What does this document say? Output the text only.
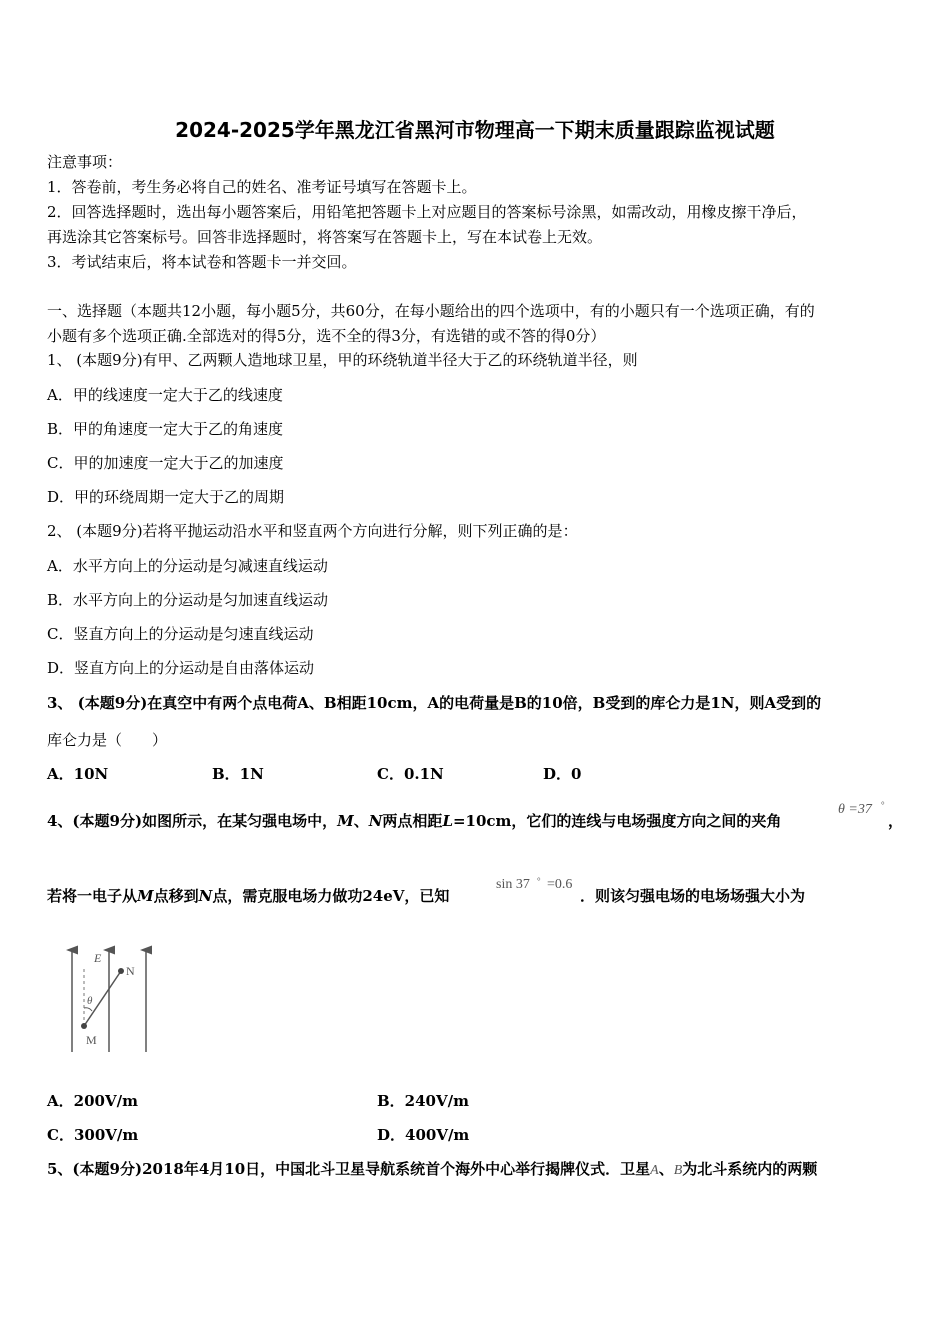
2024-2025学年黑龙江省黑河市物理高一下期末质量跟踪监视试题
注意事项：
1．答卷前，考生务必将自己的姓名、准考证号填写在答题卡上。
2．回答选择题时，选出每小题答案后，用铅笔把答题卡上对应题目的答案标号涂黑，如需改动，用橡皮擦干净后，
再选涂其它答案标号。回答非选择题时，将答案写在答题卡上，写在本试卷上无效。
3．考试结束后，将本试卷和答题卡一并交回。
一、选择题（本题共12小题，每小题5分，共60分，在每小题给出的四个选项中，有的小题只有一个选项正确，有的
小题有多个选项正确.全部选对的得5分，选不全的得3分，有选错的或不答的得0分）
1、 (本题9分)有甲、乙两颗人造地球卫星，甲的环绕轨道半径大于乙的环绕轨道半径，则
A．甲的线速度一定大于乙的线速度
B．甲的角速度一定大于乙的角速度
C．甲的加速度一定大于乙的加速度
D．甲的环绕周期一定大于乙的周期
2、 (本题9分)若将平抛运动沿水平和竖直两个方向进行分解，则下列正确的是：
A．水平方向上的分运动是匀减速直线运动
B．水平方向上的分运动是匀加速直线运动
C．竖直方向上的分运动是匀速直线运动
D．竖直方向上的分运动是自由落体运动
3、 (本题9分)在真空中有两个点电荷A、B相距10cm，A的电荷量是B的10倍，B受到的库仑力是1N，则A受到的
库仑力是（　　）
A．10N	B．1N	C．0.1N	D．0
4、(本题9分)如图所示，在某匀强电场中，M、N两点相距L=10cm，它们的连线与电场强度方向之间的夹角
θ =37 °
，
若将一电子从M点移到N点，需克服电场力做功24eV，已知
sin 37 ° =0.6
．则该匀强电场的电场场强大小为
E
N
M
θ
A．200V/m	B．240V/m
C．300V/m	D．400V/m
5、(本题9分)2018年4月10日，中国北斗卫星导航系统首个海外中心举行揭牌仪式．卫星A、B为北斗系统内的两颗
